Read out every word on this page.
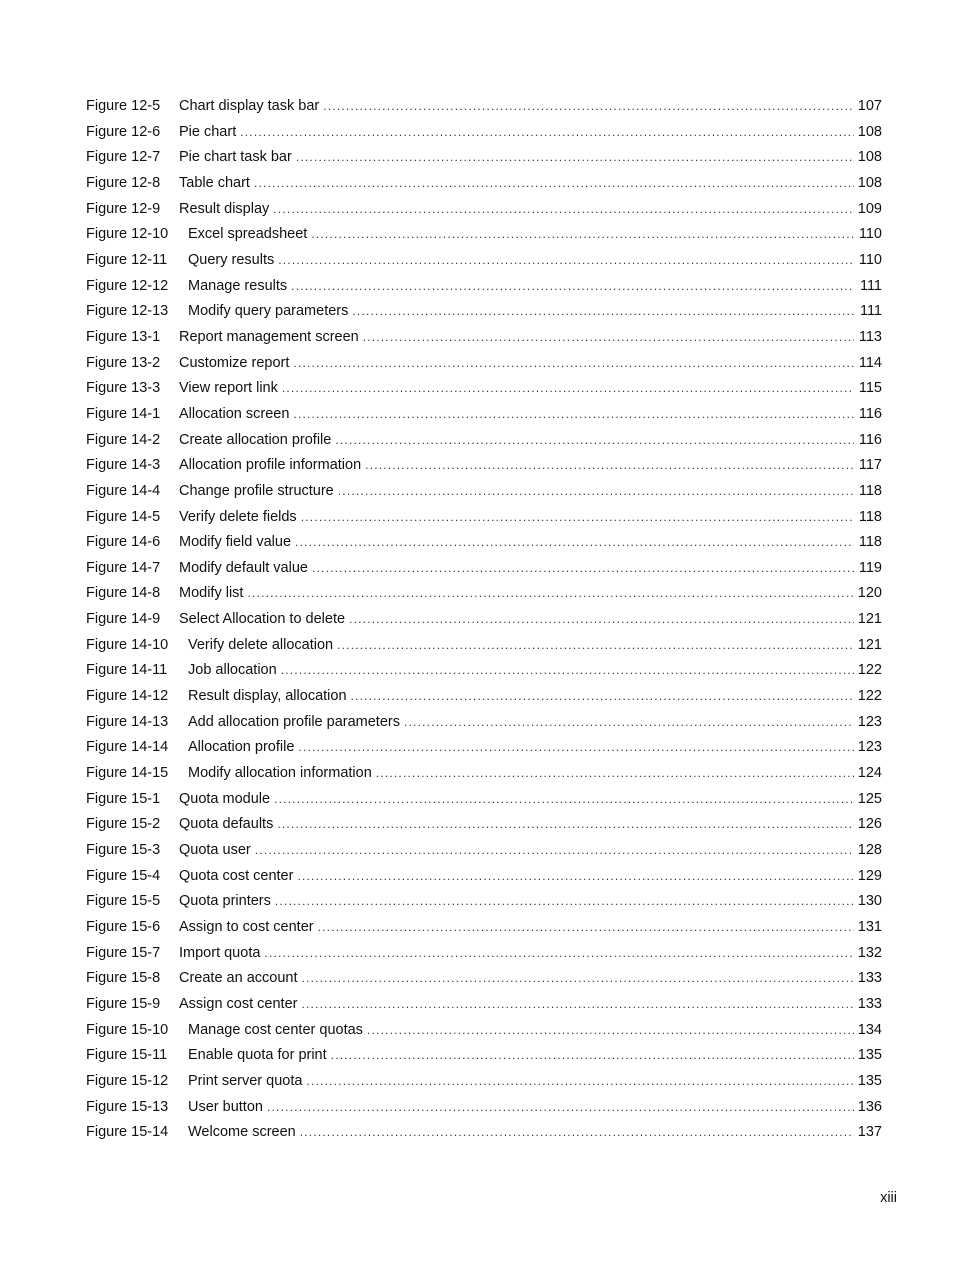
Figure 12-5	Chart display task bar .....	107
Figure 12-6	Pie chart .....	108
Figure 12-7	Pie chart task bar .....	108
Figure 12-8	Table chart .....	108
Figure 12-9	Result display .....	109
Figure 12-10	Excel spreadsheet .....	110
Figure 12-11	Query results .....	110
Figure 12-12	Manage results .....	111
Figure 12-13	Modify query parameters .....	111
Figure 13-1	Report management screen .....	113
Figure 13-2	Customize report .....	114
Figure 13-3	View report link .....	115
Figure 14-1	Allocation screen .....	116
Figure 14-2	Create allocation profile .....	116
Figure 14-3	Allocation profile information .....	117
Figure 14-4	Change profile structure .....	118
Figure 14-5	Verify delete fields .....	118
Figure 14-6	Modify field value .....	118
Figure 14-7	Modify default value .....	119
Figure 14-8	Modify list .....	120
Figure 14-9	Select Allocation to delete .....	121
Figure 14-10	Verify delete allocation .....	121
Figure 14-11	Job allocation .....	122
Figure 14-12	Result display, allocation .....	122
Figure 14-13	Add allocation profile parameters .....	123
Figure 14-14	Allocation profile .....	123
Figure 14-15	Modify allocation information .....	124
Figure 15-1	Quota module .....	125
Figure 15-2	Quota defaults .....	126
Figure 15-3	Quota user .....	128
Figure 15-4	Quota cost center .....	129
Figure 15-5	Quota printers .....	130
Figure 15-6	Assign to cost center .....	131
Figure 15-7	Import quota .....	132
Figure 15-8	Create an account .....	133
Figure 15-9	Assign cost center .....	133
Figure 15-10	Manage cost center quotas .....	134
Figure 15-11	Enable quota for print .....	135
Figure 15-12	Print server quota .....	135
Figure 15-13	User button .....	136
Figure 15-14	Welcome screen .....	137
xiii
